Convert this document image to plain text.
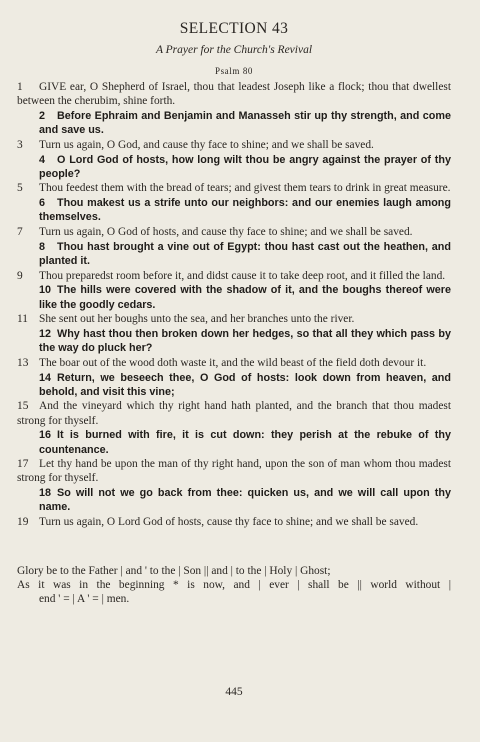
SELECTION 43
A Prayer for the Church's Revival
Psalm 80
1 GIVE ear, O Shepherd of Israel, thou that leadest Joseph like a flock; thou that dwellest between the cherubim, shine forth.
2 Before Ephraim and Benjamin and Manasseh stir up thy strength, and come and save us.
3 Turn us again, O God, and cause thy face to shine; and we shall be saved.
4 O Lord God of hosts, how long wilt thou be angry against the prayer of thy people?
5 Thou feedest them with the bread of tears; and givest them tears to drink in great measure.
6 Thou makest us a strife unto our neighbors: and our enemies laugh among themselves.
7 Turn us again, O God of hosts, and cause thy face to shine; and we shall be saved.
8 Thou hast brought a vine out of Egypt: thou hast cast out the heathen, and planted it.
9 Thou preparedst room before it, and didst cause it to take deep root, and it filled the land.
10 The hills were covered with the shadow of it, and the boughs thereof were like the goodly cedars.
11 She sent out her boughs unto the sea, and her branches unto the river.
12 Why hast thou then broken down her hedges, so that all they which pass by the way do pluck her?
13 The boar out of the wood doth waste it, and the wild beast of the field doth devour it.
14 Return, we beseech thee, O God of hosts: look down from heaven, and behold, and visit this vine;
15 And the vineyard which thy right hand hath planted, and the branch that thou madest strong for thyself.
16 It is burned with fire, it is cut down: they perish at the rebuke of thy countenance.
17 Let thy hand be upon the man of thy right hand, upon the son of man whom thou madest strong for thyself.
18 So will not we go back from thee: quicken us, and we will call upon thy name.
19 Turn us again, O Lord God of hosts, cause thy face to shine; and we shall be saved.
Glory be to the Father | and ' to the | Son || and | to the | Holy | Ghost;
As it was in the beginning * is now, and | ever | shall be || world without |
end ' = | A ' = | men.
445
